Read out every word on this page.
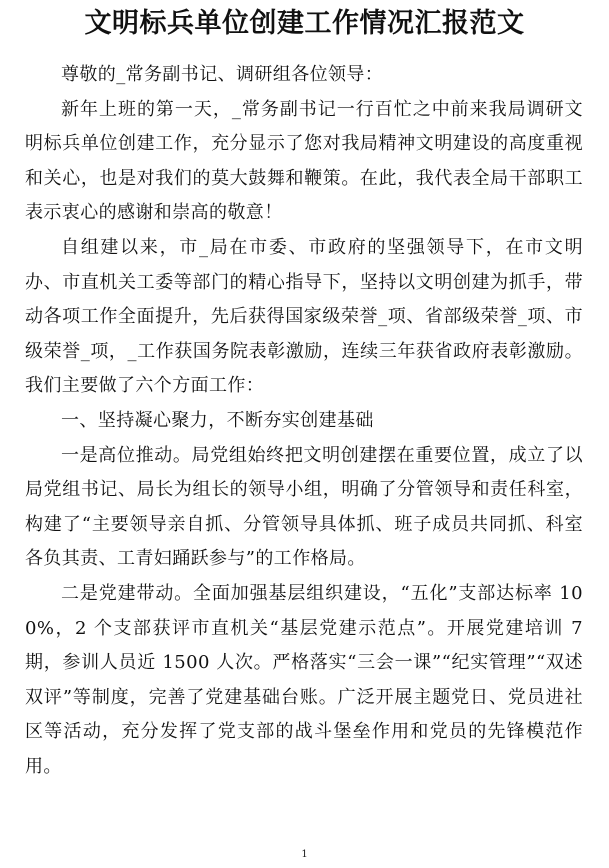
文明标兵单位创建工作情况汇报范文

尊敬的_常务副书记、调研组各位领导：

新年上班的第一天，_常务副书记一行百忙之中前来我局调研文明标兵单位创建工作，充分显示了您对我局精神文明建设的高度重视和关心，也是对我们的莫大鼓舞和鞭策。在此，我代表全局干部职工表示衷心的感谢和崇高的敬意！

自组建以来，市_局在市委、市政府的坚强领导下，在市文明办、市直机关工委等部门的精心指导下，坚持以文明创建为抓手，带动各项工作全面提升，先后获得国家级荣誉_项、省部级荣誉_项、市级荣誉_项，_工作获国务院表彰激励，连续三年获省政府表彰激励。我们主要做了六个方面工作：

一、坚持凝心聚力，不断夯实创建基础

一是高位推动。局党组始终把文明创建摆在重要位置，成立了以局党组书记、局长为组长的领导小组，明确了分管领导和责任科室，构建了“主要领导亲自抓、分管领导具体抓、班子成员共同抓、科室各负其责、工青妇踊跃参与”的工作格局。

二是党建带动。全面加强基层组织建设，“五化”支部达标率 100%，2 个支部获评市直机关“基层党建示范点”。开展党建培训 7 期，参训人员近 1500 人次。严格落实“三会一课”“纪实管理”“双述双评”等制度，完善了党建基础台账。广泛开展主题党日、党员进社区等活动，充分发挥了党支部的战斗堡垒作用和党员的先锋模范作用。

1
